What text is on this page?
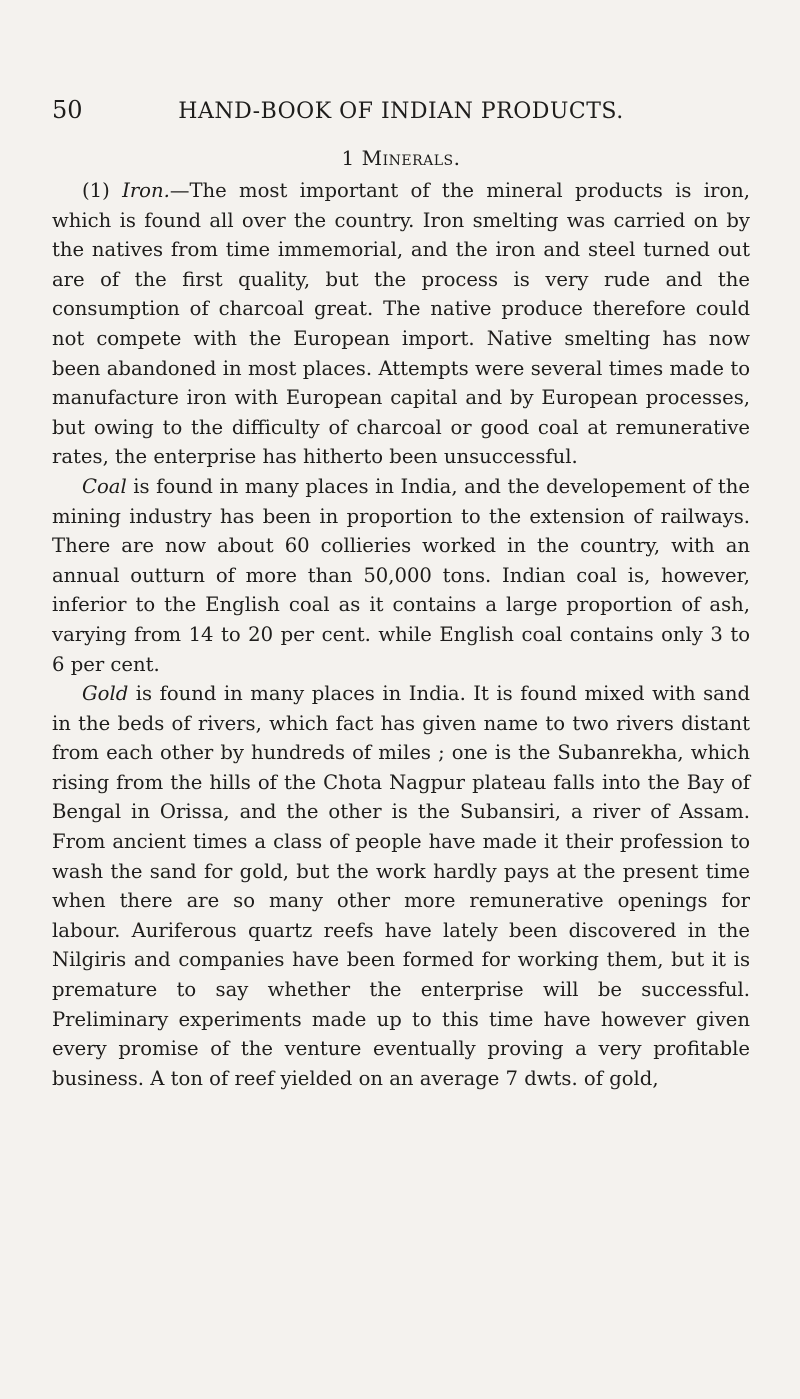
50	HAND-BOOK OF INDIAN PRODUCTS.
1 Minerals.

(1) Iron.—The most important of the mineral products is iron, which is found all over the country. Iron smelting was carried on by the natives from time immemorial, and the iron and steel turned out are of the first quality, but the process is very rude and the consumption of charcoal great. The native produce therefore could not compete with the European import. Native smelting has now been abandoned in most places. Attempts were several times made to manufacture iron with European capital and by European processes, but owing to the difficulty of charcoal or good coal at remunerative rates, the enterprise has hitherto been unsuccessful.

Coal is found in many places in India, and the developement of the mining industry has been in proportion to the extension of railways. There are now about 60 collieries worked in the country, with an annual outturn of more than 50,000 tons. Indian coal is, however, inferior to the English coal as it contains a large proportion of ash, varying from 14 to 20 per cent. while English coal contains only 3 to 6 per cent.

Gold is found in many places in India. It is found mixed with sand in the beds of rivers, which fact has given name to two rivers distant from each other by hundreds of miles ; one is the Subanrekha, which rising from the hills of the Chota Nagpur plateau falls into the Bay of Bengal in Orissa, and the other is the Subansiri, a river of Assam. From ancient times a class of people have made it their profession to wash the sand for gold, but the work hardly pays at the present time when there are so many other more remunerative openings for labour. Auriferous quartz reefs have lately been discovered in the Nilgiris and companies have been formed for working them, but it is premature to say whether the enterprise will be successful. Preliminary experiments made up to this time have however given every promise of the venture eventually proving a very profitable business. A ton of reef yielded on an average 7 dwts. of gold,
